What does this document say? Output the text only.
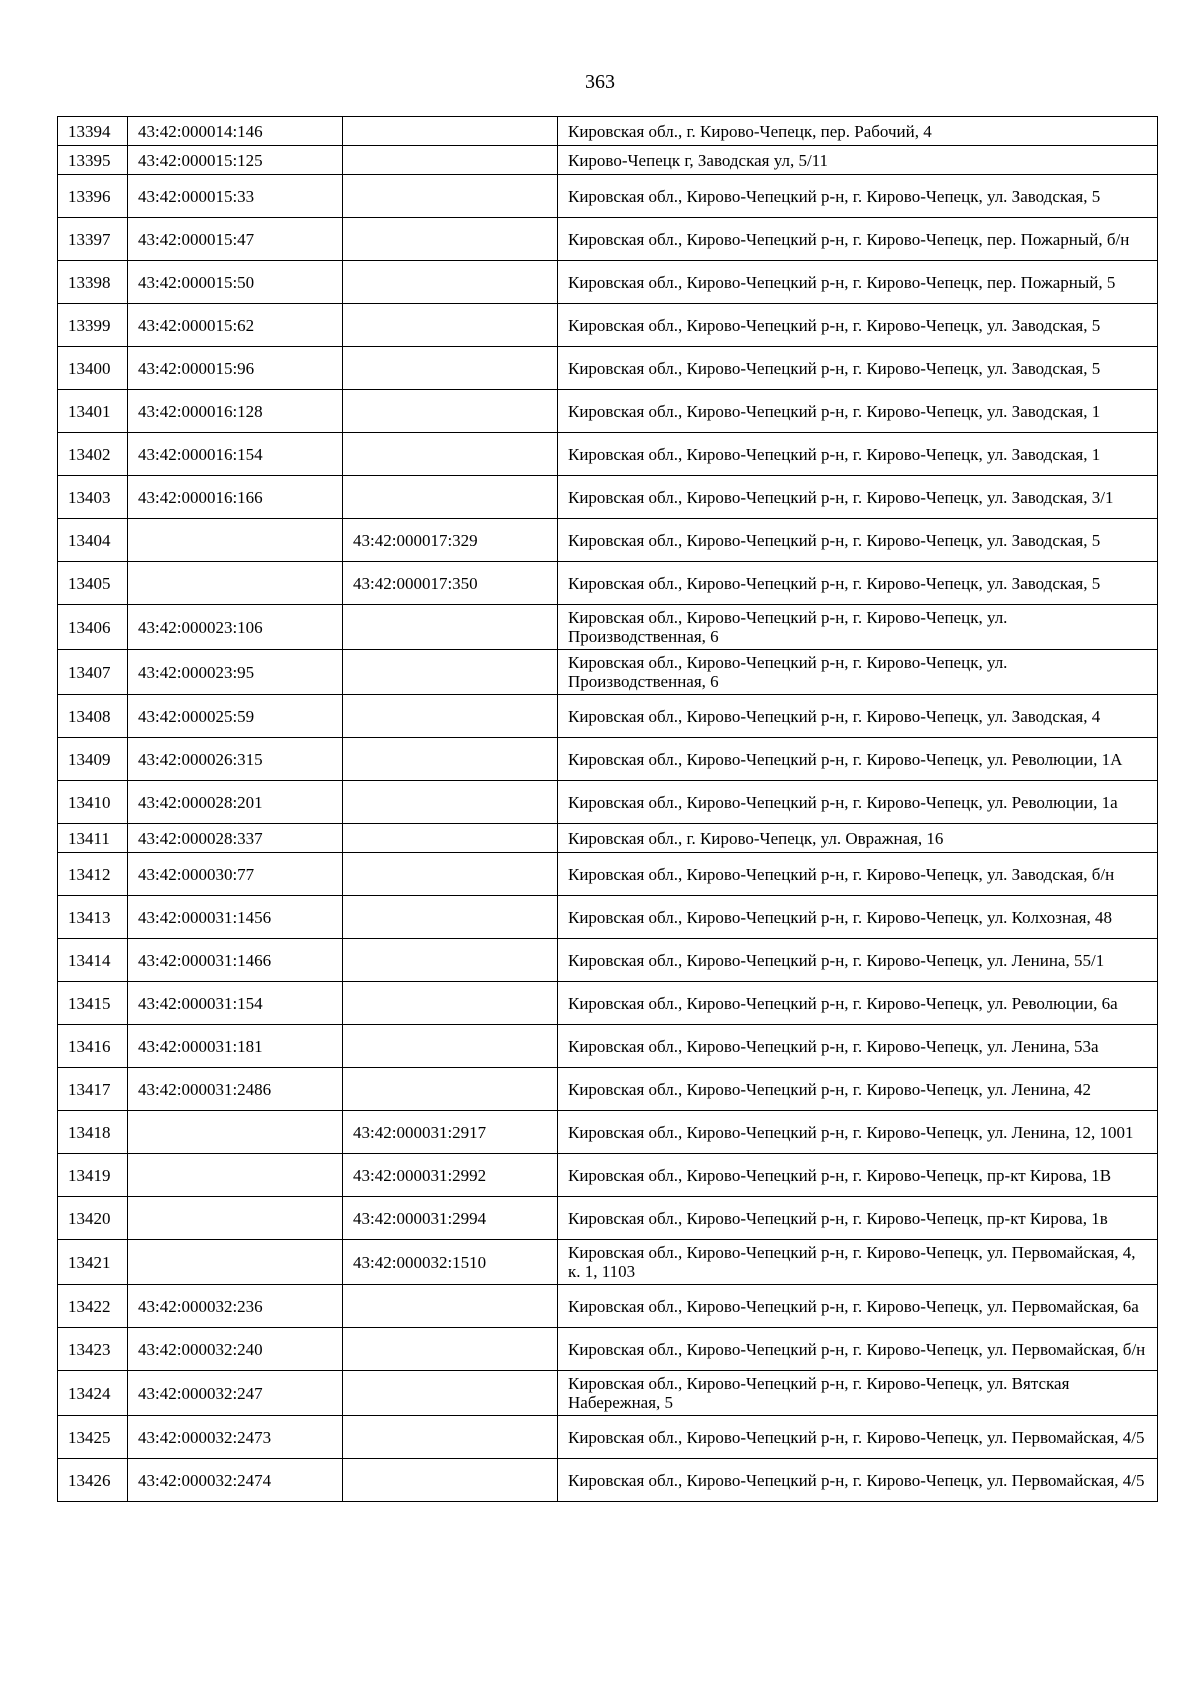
363
13394	43:42:000014:146		Кировская обл., г. Кирово-Чепецк, пер. Рабочий, 4
13395	43:42:000015:125		Кирово-Чепецк г, Заводская ул, 5/11
13396	43:42:000015:33		Кировская обл., Кирово-Чепецкий р-н, г. Кирово-Чепецк, ул. Заводская, 5
13397	43:42:000015:47		Кировская обл., Кирово-Чепецкий р-н, г. Кирово-Чепецк, пер. Пожарный, б/н
13398	43:42:000015:50		Кировская обл., Кирово-Чепецкий р-н, г. Кирово-Чепецк, пер. Пожарный, 5
13399	43:42:000015:62		Кировская обл., Кирово-Чепецкий р-н, г. Кирово-Чепецк, ул. Заводская, 5
13400	43:42:000015:96		Кировская обл., Кирово-Чепецкий р-н, г. Кирово-Чепецк, ул. Заводская, 5
13401	43:42:000016:128		Кировская обл., Кирово-Чепецкий р-н, г. Кирово-Чепецк, ул. Заводская, 1
13402	43:42:000016:154		Кировская обл., Кирово-Чепецкий р-н, г. Кирово-Чепецк, ул. Заводская, 1
13403	43:42:000016:166		Кировская обл., Кирово-Чепецкий р-н, г. Кирово-Чепецк, ул. Заводская, 3/1
13404		43:42:000017:329	Кировская обл., Кирово-Чепецкий р-н, г. Кирово-Чепецк, ул. Заводская, 5
13405		43:42:000017:350	Кировская обл., Кирово-Чепецкий р-н, г. Кирово-Чепецк, ул. Заводская, 5
13406	43:42:000023:106		Кировская обл., Кирово-Чепецкий р-н, г. Кирово-Чепецк, ул. Производственная, 6
13407	43:42:000023:95		Кировская обл., Кирово-Чепецкий р-н, г. Кирово-Чепецк, ул. Производственная, 6
13408	43:42:000025:59		Кировская обл., Кирово-Чепецкий р-н, г. Кирово-Чепецк, ул. Заводская, 4
13409	43:42:000026:315		Кировская обл., Кирово-Чепецкий р-н, г. Кирово-Чепецк, ул. Революции, 1А
13410	43:42:000028:201		Кировская обл., Кирово-Чепецкий р-н, г. Кирово-Чепецк, ул. Революции, 1а
13411	43:42:000028:337		Кировская обл., г. Кирово-Чепецк, ул. Овражная, 16
13412	43:42:000030:77		Кировская обл., Кирово-Чепецкий р-н, г. Кирово-Чепецк, ул. Заводская, б/н
13413	43:42:000031:1456		Кировская обл., Кирово-Чепецкий р-н, г. Кирово-Чепецк, ул. Колхозная, 48
13414	43:42:000031:1466		Кировская обл., Кирово-Чепецкий р-н, г. Кирово-Чепецк, ул. Ленина, 55/1
13415	43:42:000031:154		Кировская обл., Кирово-Чепецкий р-н, г. Кирово-Чепецк, ул. Революции, 6а
13416	43:42:000031:181		Кировская обл., Кирово-Чепецкий р-н, г. Кирово-Чепецк, ул. Ленина, 53а
13417	43:42:000031:2486		Кировская обл., Кирово-Чепецкий р-н, г. Кирово-Чепецк, ул. Ленина, 42
13418		43:42:000031:2917	Кировская обл., Кирово-Чепецкий р-н, г. Кирово-Чепецк, ул. Ленина, 12, 1001
13419		43:42:000031:2992	Кировская обл., Кирово-Чепецкий р-н, г. Кирово-Чепецк, пр-кт Кирова, 1В
13420		43:42:000031:2994	Кировская обл., Кирово-Чепецкий р-н, г. Кирово-Чепецк, пр-кт Кирова, 1в
13421		43:42:000032:1510	Кировская обл., Кирово-Чепецкий р-н, г. Кирово-Чепецк, ул. Первомайская, 4, к. 1, 1103
13422	43:42:000032:236		Кировская обл., Кирово-Чепецкий р-н, г. Кирово-Чепецк, ул. Первомайская, 6а
13423	43:42:000032:240		Кировская обл., Кирово-Чепецкий р-н, г. Кирово-Чепецк, ул. Первомайская, б/н
13424	43:42:000032:247		Кировская обл., Кирово-Чепецкий р-н, г. Кирово-Чепецк, ул. Вятская Набережная, 5
13425	43:42:000032:2473		Кировская обл., Кирово-Чепецкий р-н, г. Кирово-Чепецк, ул. Первомайская, 4/5
13426	43:42:000032:2474		Кировская обл., Кирово-Чепецкий р-н, г. Кирово-Чепецк, ул. Первомайская, 4/5
